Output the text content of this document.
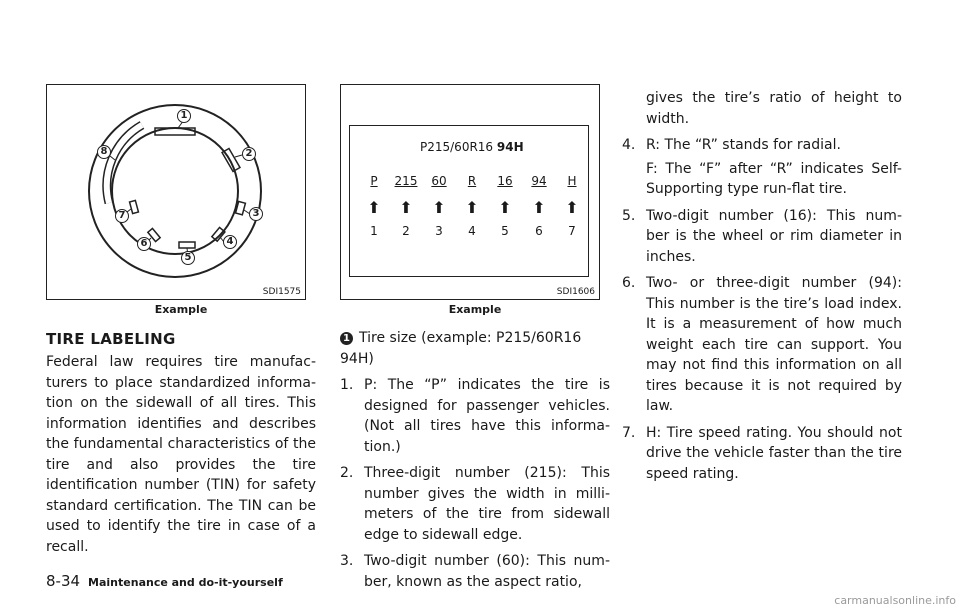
1
2
3
4
5
6
7
8
SDI1575
Example
TIRE LABELING

Federal law requires tire manufac-turers to place standardized informa-tion on the sidewall of all tires. This information identifies and describes the fundamental characteristics of the tire and also provides the tire identification number (TIN) for safety standard certification. The TIN can be used to identify the tire in case of a recall.

P215/60R16 94H
P 215 60 R 16 94 H
⬆ ⬆ ⬆ ⬆ ⬆ ⬆ ⬆
1 2 3 4 5 6 7
SDI1606
Example

1 Tire size (example: P215/60R16 94H)

1. P: The “P” indicates the tire is designed for passenger vehicles. (Not all tires have this informa-tion.)

2. Three-digit number (215): This number gives the width in milli-meters of the tire from sidewall edge to sidewall edge.

3. Two-digit number (60): This num-ber, known as the aspect ratio,

gives the tire’s ratio of height to width.

4. R: The “R” stands for radial.
F: The “F” after “R” indicates Self-Supporting type run-flat tire.

5. Two-digit number (16): This num-ber is the wheel or rim diameter in inches.

6. Two- or three-digit number (94): This number is the tire’s load index. It is a measurement of how much weight each tire can support. You may not find this information on all tires because it is not required by law.

7. H: Tire speed rating. You should not drive the vehicle faster than the tire speed rating.

8-34 Maintenance and do-it-yourself
carmanualsonline.info
